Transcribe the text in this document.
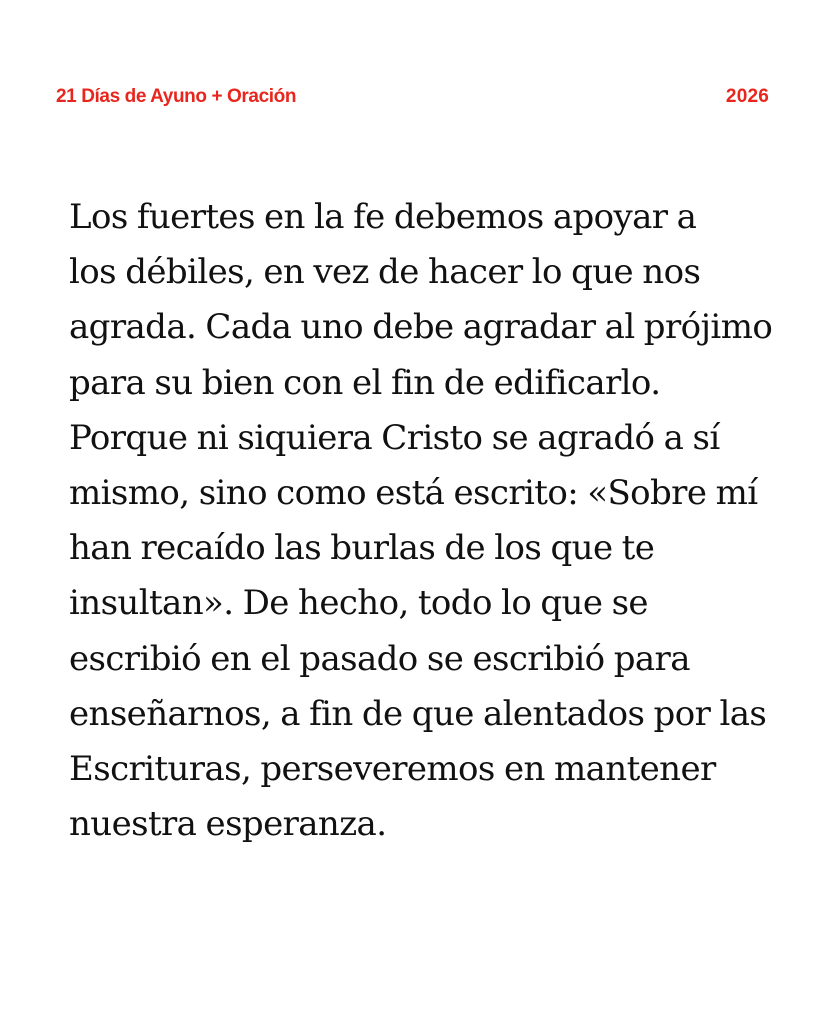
21 Días de Ayuno + Oración	2026

Los fuertes en la fe debemos apoyar a
los débiles, en vez de hacer lo que nos
agrada. Cada uno debe agradar al prójimo
para su bien con el fin de edificarlo.
Porque ni siquiera Cristo se agradó a sí
mismo, sino como está escrito: «Sobre mí
han recaído las burlas de los que te
insultan». De hecho, todo lo que se
escribió en el pasado se escribió para
enseñarnos, a fin de que alentados por las
Escrituras, perseveremos en mantener
nuestra esperanza.
